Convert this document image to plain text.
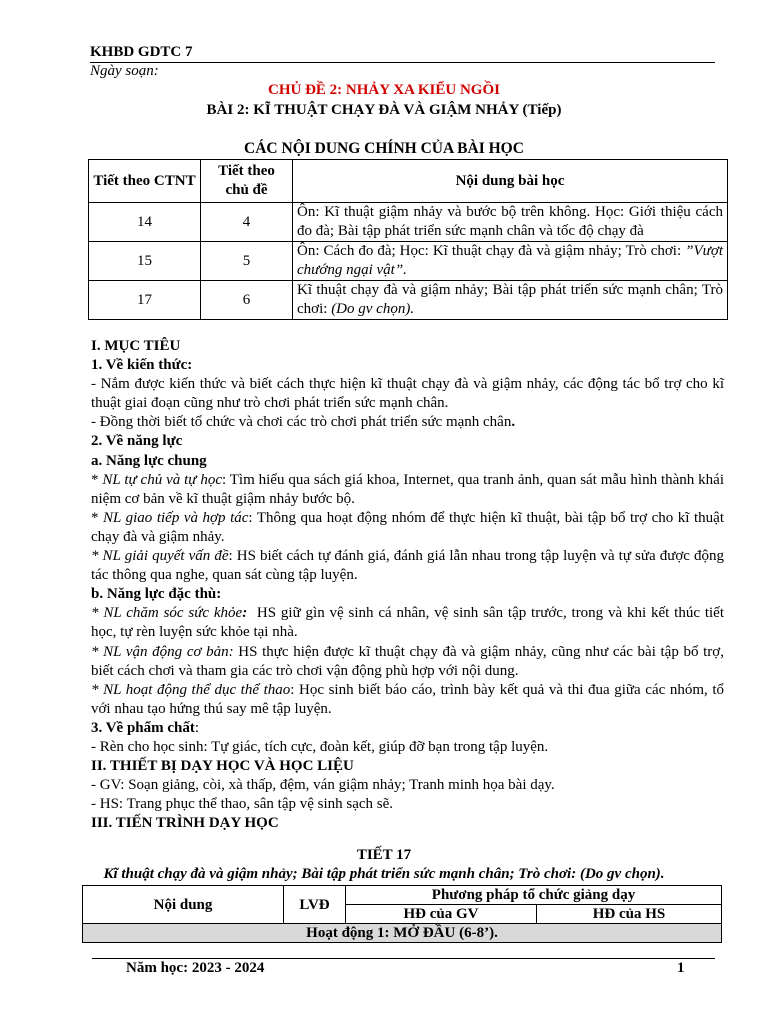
KHBD GDTC 7
Ngày soạn:
CHỦ ĐỀ 2: NHẢY XA KIỂU NGỒI
BÀI 2: KĨ THUẬT CHẠY ĐÀ VÀ GIẬM NHẢY (Tiếp)
CÁC NỘI DUNG CHÍNH CỦA BÀI HỌC
Tiết theo CTNT	Tiết theo chủ đề	Nội dung bài học
14	4	Ôn: Kĩ thuật giậm nhảy và bước bộ trên không. Học: Giới thiệu cách đo đà; Bài tập phát triển sức mạnh chân và tốc độ chạy đà
15	5	Ôn: Cách đo đà; Học: Kĩ thuật chạy đà và giậm nhảy; Trò chơi: ”Vượt chướng ngại vật”.
17	6	Kĩ thuật chạy đà và giậm nhảy; Bài tập phát triển sức mạnh chân; Trò chơi: (Do gv chọn).

I. MỤC TIÊU

1. Về kiến thức:

- Nắm được kiến thức và biết cách thực hiện kĩ thuật chạy đà và giậm nhảy, các động tác bổ trợ cho kĩ thuật giai đoạn cũng như trò chơi phát triển sức mạnh chân.

- Đồng thời biết tổ chức và chơi các trò chơi phát triển sức mạnh chân.

2. Về năng lực

a. Năng lực chung

* NL tự chủ và tự học: Tìm hiểu qua sách giá khoa, Internet, qua tranh ảnh, quan sát mẫu hình thành khái niệm cơ bản về kĩ thuật giậm nhảy bước bộ.

* NL giao tiếp và hợp tác: Thông qua hoạt động nhóm để thực hiện kĩ thuật, bài tập bổ trợ cho kĩ thuật chạy đà và giậm nhảy.

* NL giải quyết vấn đề: HS biết cách tự đánh giá, đánh giá lẫn nhau trong tập luyện và tự sửa được động tác thông qua nghe, quan sát cùng tập luyện.

b. Năng lực đặc thù:

* NL chăm sóc sức khỏe: HS giữ gìn vệ sinh cá nhân, vệ sinh sân tập trước, trong và khi kết thúc tiết học, tự rèn luyện sức khỏe tại nhà.

* NL vận động cơ bản: HS thực hiện được kĩ thuật chạy đà và giậm nhảy, cũng như các bài tập bổ trợ, biết cách chơi và tham gia các trò chơi vận động phù hợp với nội dung.

* NL hoạt động thể dục thể thao: Học sinh biết báo cáo, trình bày kết quả và thi đua giữa các nhóm, tổ với nhau tạo hứng thú say mê tập luyện.

3. Về phẩm chất:

- Rèn cho học sinh: Tự giác, tích cực, đoàn kết, giúp đỡ bạn trong tập luyện.

II. THIẾT BỊ DẠY HỌC VÀ HỌC LIỆU

- GV: Soạn giảng, còi, xà thấp, đệm, ván giậm nhảy; Tranh minh họa bài dạy.

- HS: Trang phục thể thao, sân tập vệ sinh sạch sẽ.

III. TIẾN TRÌNH DẠY HỌC

TIẾT 17
Kĩ thuật chạy đà và giậm nhảy; Bài tập phát triển sức mạnh chân; Trò chơi: (Do gv chọn).
Nội dung	LVĐ	Phương pháp tổ chức giảng dạy	
		HĐ của GV	HĐ của HS
Hoạt động 1: MỞ ĐẦU (6-8’).			
Năm học: 2023 - 2024	1
